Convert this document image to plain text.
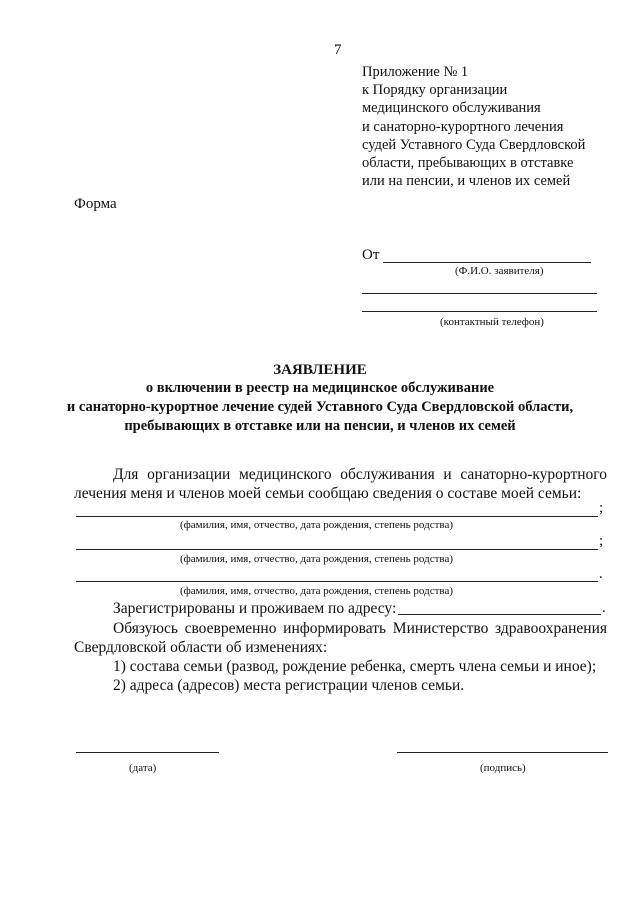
7
Приложение № 1
к Порядку организации
медицинского обслуживания
и санаторно-курортного лечения
судей Уставного Суда Свердловской
области, пребывающих в отставке
или на пенсии, и членов их семей
Форма
От
(Ф.И.О. заявителя)
(контактный телефон)
ЗАЯВЛЕНИЕ
о включении в реестр на медицинское обслуживание
и санаторно-курортное лечение судей Уставного Суда Свердловской области,
пребывающих в отставке или на пенсии, и членов их семей
Для организации медицинского обслуживания и санаторно-курортного
лечения меня и членов моей семьи сообщаю сведения о составе моей семьи:
;
(фамилия, имя, отчество, дата рождения, степень родства)
;
(фамилия, имя, отчество, дата рождения, степень родства)
.
(фамилия, имя, отчество, дата рождения, степень родства)
Зарегистрированы и проживаем по адресу:	.
Обязуюсь своевременно информировать Министерство здравоохранения
Свердловской области об изменениях:
1) состава семьи (развод, рождение ребенка, смерть члена семьи и иное);
2) адреса (адресов) места регистрации членов семьи.
(дата)	(подпись)
